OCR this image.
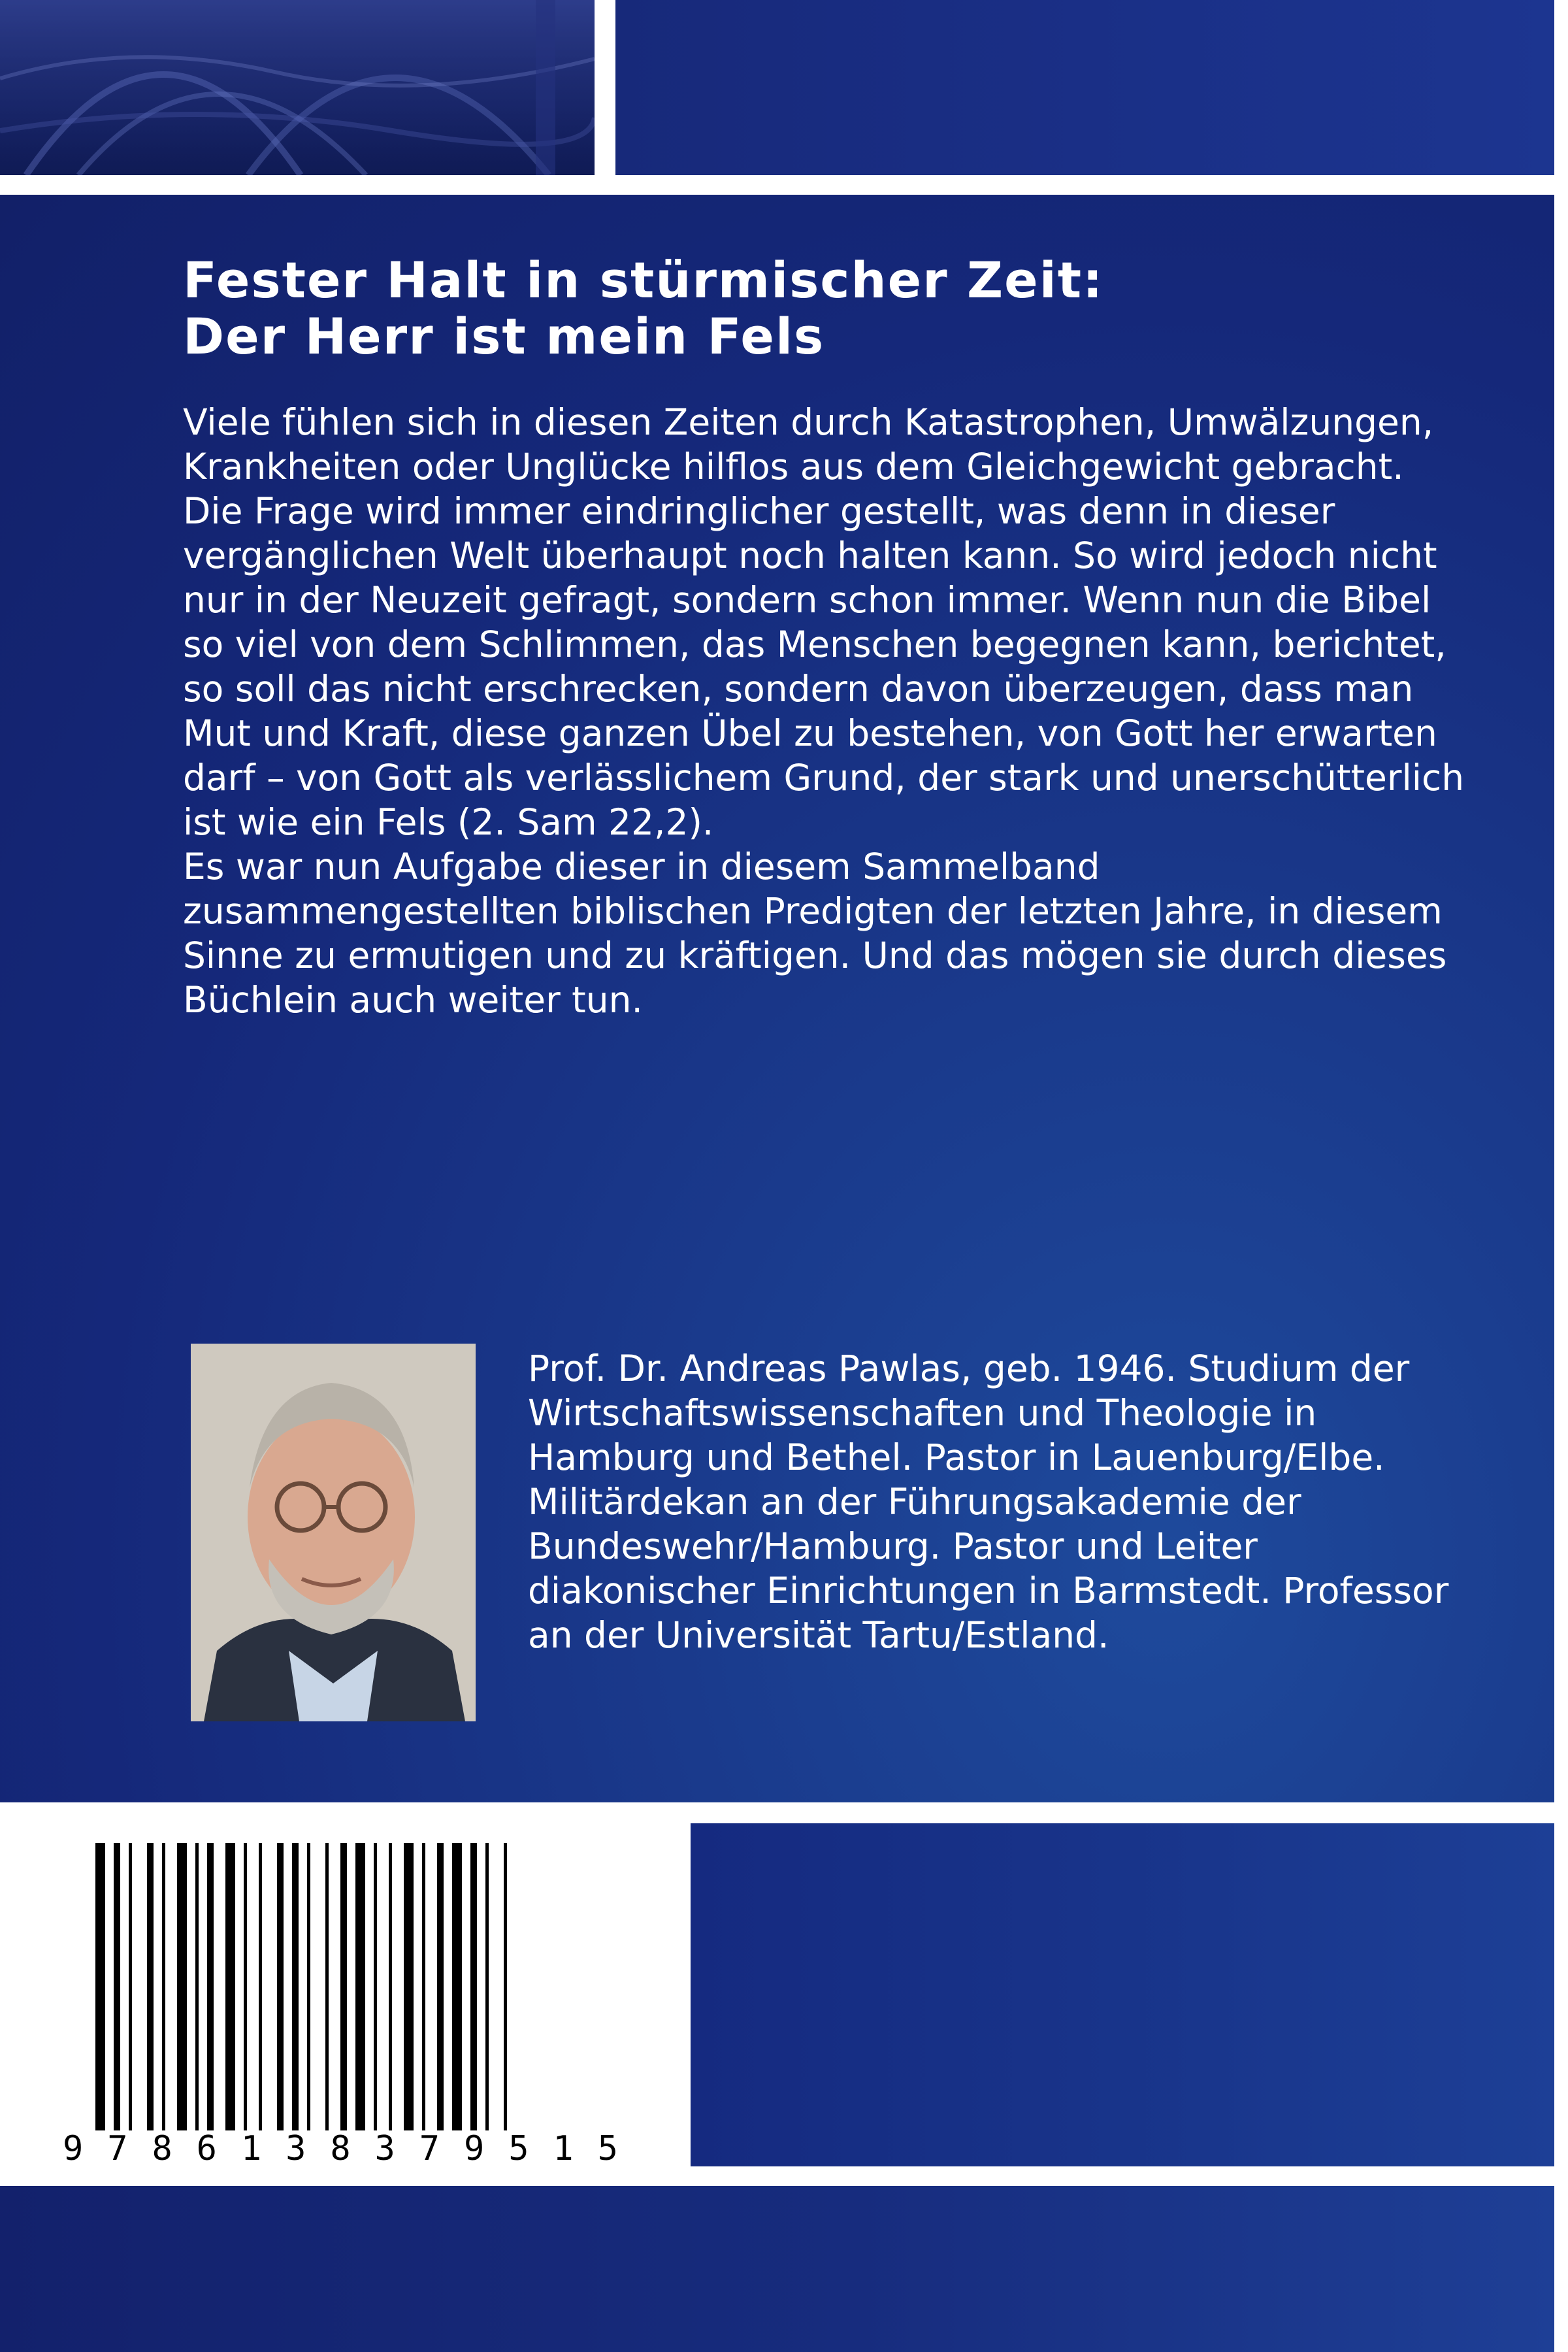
Fester Halt in stürmischer Zeit:
Der Herr ist mein Fels

Viele fühlen sich in diesen Zeiten durch Katastrophen, Umwälzungen, Krankheiten oder Unglücke hilflos aus dem Gleichgewicht gebracht. Die Frage wird immer eindringlicher gestellt, was denn in dieser vergänglichen Welt überhaupt noch halten kann. So wird jedoch nicht nur in der Neuzeit gefragt, sondern schon immer. Wenn nun die Bibel so viel von dem Schlimmen, das Menschen begegnen kann, berichtet, so soll das nicht erschrecken, sondern davon überzeugen, dass man Mut und Kraft, diese ganzen Übel zu bestehen, von Gott her erwarten darf – von Gott als verlässlichem Grund, der stark und unerschütterlich ist wie ein Fels (2. Sam 22,2).

Es war nun Aufgabe dieser in diesem Sammelband zusammengestellten biblischen Predigten der letzten Jahre, in diesem Sinne zu ermutigen und zu kräftigen. Und das mögen sie durch dieses Büchlein auch weiter tun.

Prof. Dr. Andreas Pawlas, geb. 1946. Studium der Wirtschaftswissenschaften und Theologie in Hamburg und Bethel. Pastor in Lauenburg/Elbe. Militärdekan an der Führungsakademie der Bundeswehr/Hamburg. Pastor und Leiter diakonischer Einrichtungen in Barmstedt. Professor an der Universität Tartu/Estland.

9 7 8 6 1 3 8 3 7 9 5 1 5
